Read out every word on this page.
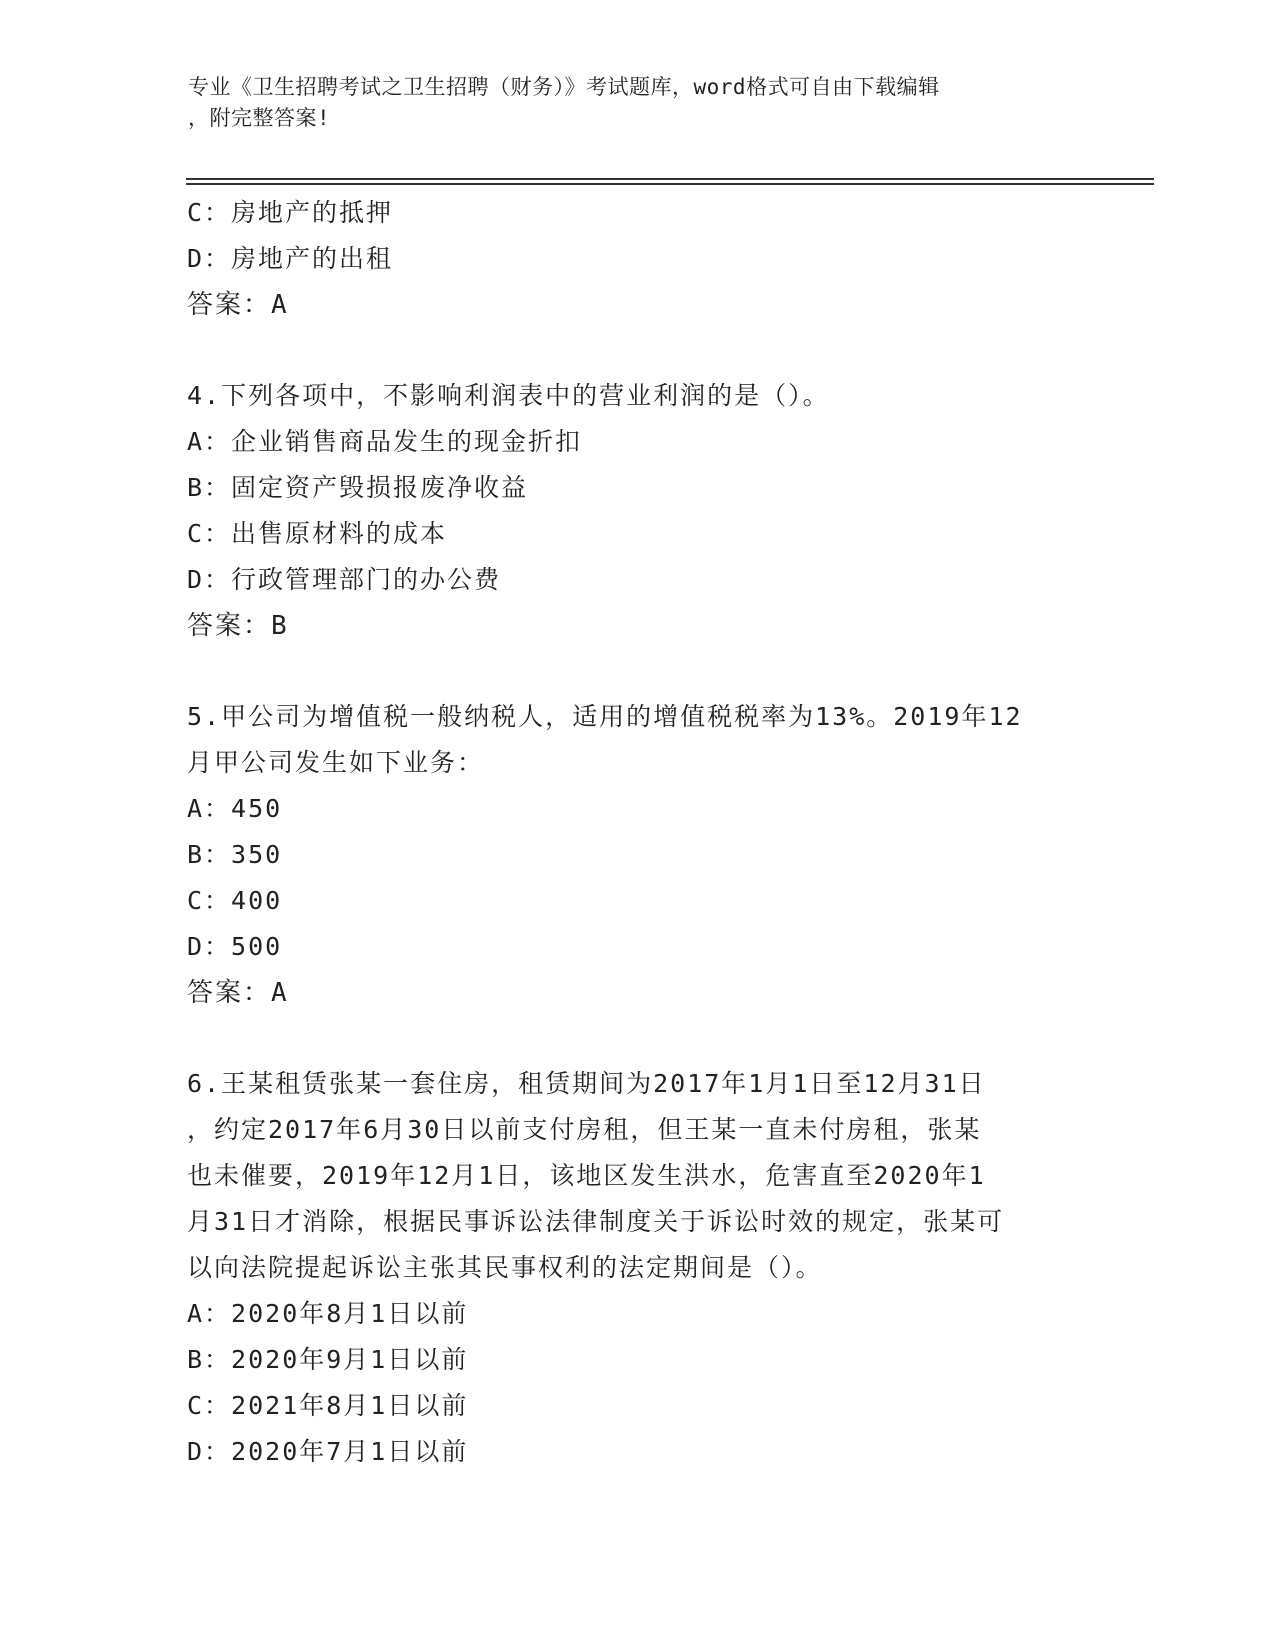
专业《卫生招聘考试之卫生招聘（财务）》考试题库，word格式可自由下载编辑
，附完整答案!
C：房地产的抵押
D：房地产的出租
答案：A
4.下列各项中，不影响利润表中的营业利润的是（）。
A：企业销售商品发生的现金折扣
B：固定资产毁损报废净收益
C：出售原材料的成本
D：行政管理部门的办公费
答案：B
5.甲公司为增值税一般纳税人，适用的增值税税率为13%。2019年12
月甲公司发生如下业务：
A：450
B：350
C：400
D：500
答案：A
6.王某租赁张某一套住房，租赁期间为2017年1月1日至12月31日
，约定2017年6月30日以前支付房租，但王某一直未付房租，张某
也未催要，2019年12月1日，该地区发生洪水，危害直至2020年1
月31日才消除，根据民事诉讼法律制度关于诉讼时效的规定，张某可
以向法院提起诉讼主张其民事权利的法定期间是（）。
A：2020年8月1日以前
B：2020年9月1日以前
C：2021年8月1日以前
D：2020年7月1日以前
